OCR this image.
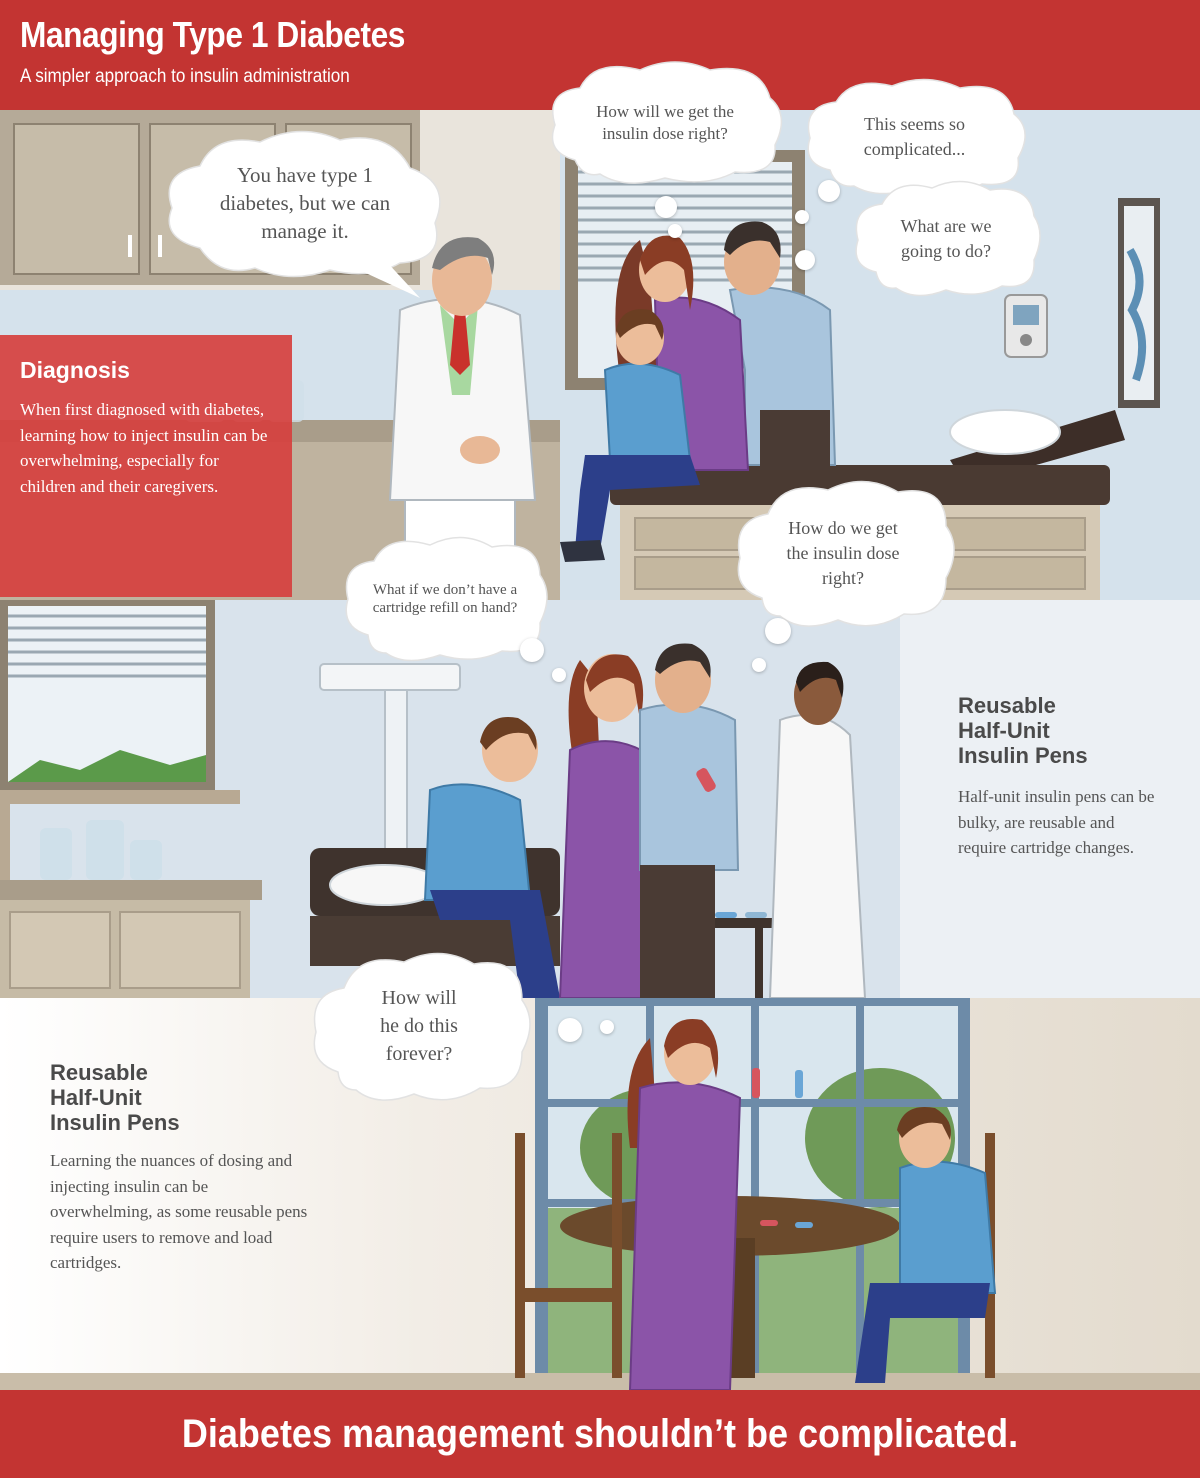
Managing Type 1 Diabetes
A simpler approach to insulin administration
Diagnosis
When first diagnosed with diabetes, learning how to inject insulin can be overwhelming, especially for children and their caregivers.
Reusable
Half-Unit
Insulin Pens
Half-unit insulin pens can be bulky, are reusable and require cartridge changes.
Reusable
Half-Unit
Insulin Pens
Learning the nuances of dosing and injecting insulin can be overwhelming, as some reusable pens require users to remove and load cartridges.
Diabetes management shouldn’t be complicated.
You have type 1 diabetes, but we can manage it.
How will we get the insulin dose right?	This seems so complicated...
What are we going to do?
How do we get the insulin dose right?
What if we don’t have a cartridge refill on hand?
How will he do this forever?
